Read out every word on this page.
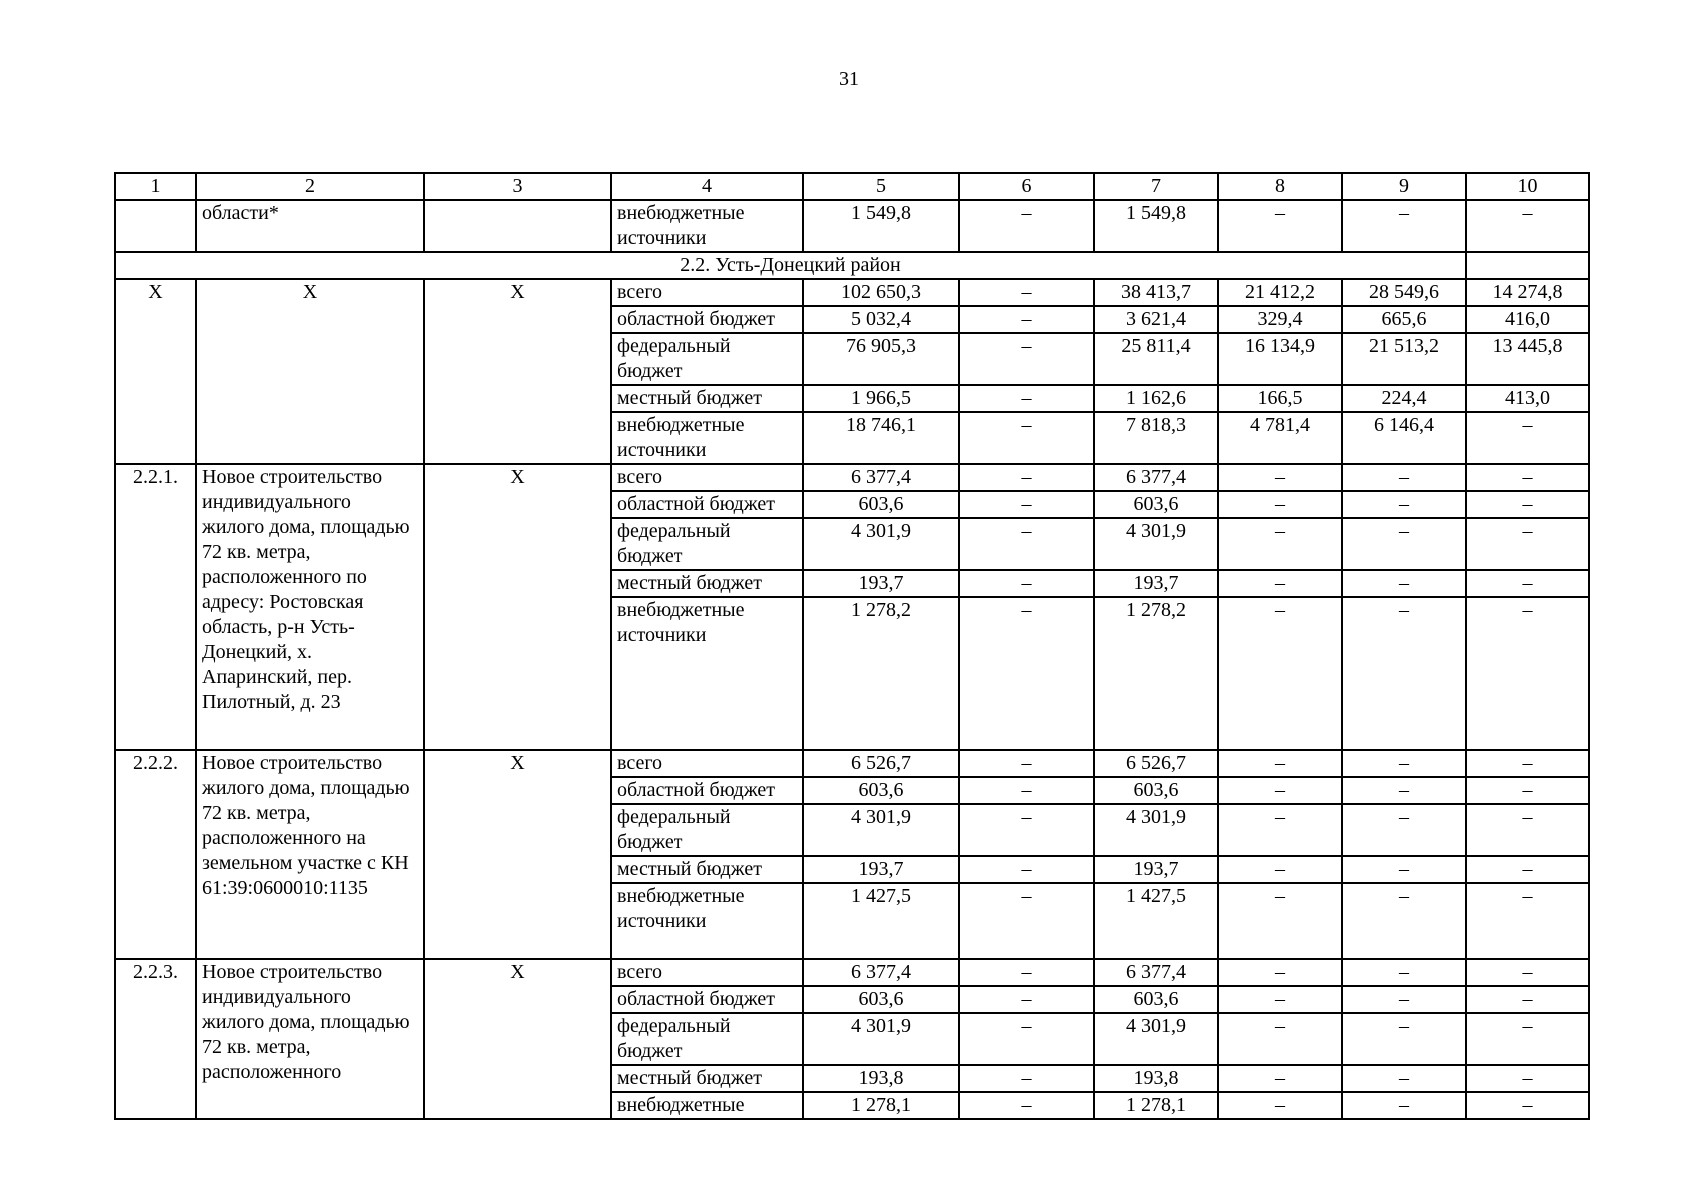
31
1	2	3	4	5	6	7	8	9	10
	области*		внебюджетные источники	1 549,8	–	1 549,8	–	–	–
2.2. Усть-Донецкий район									
Х	Х	Х	всего	102 650,3	–	38 413,7	21 412,2	28 549,6	14 274,8
			областной бюджет	5 032,4	–	3 621,4	329,4	665,6	416,0
			федеральный бюджет	76 905,3	–	25 811,4	16 134,9	21 513,2	13 445,8
			местный бюджет	1 966,5	–	1 162,6	166,5	224,4	413,0
			внебюджетные источники	18 746,1	–	7 818,3	4 781,4	6 146,4	–
2.2.1.	Новое строительство индивидуального жилого дома, площадью 72 кв. метра, расположенного по адресу: Ростовская область, р-н Усть-Донецкий, х. Апаринский, пер. Пилотный, д. 23	Х	всего	6 377,4	–	6 377,4	–	–	–
			областной бюджет	603,6	–	603,6	–	–	–
			федеральный бюджет	4 301,9	–	4 301,9	–	–	–
			местный бюджет	193,7	–	193,7	–	–	–
			внебюджетные источники	1 278,2	–	1 278,2	–	–	–
2.2.2.	Новое строительство жилого дома, площадью 72 кв. метра, расположенного на земельном участке с КН 61:39:0600010:1135	Х	всего	6 526,7	–	6 526,7	–	–	–
			областной бюджет	603,6	–	603,6	–	–	–
			федеральный бюджет	4 301,9	–	4 301,9	–	–	–
			местный бюджет	193,7	–	193,7	–	–	–
			внебюджетные источники	1 427,5	–	1 427,5	–	–	–
2.2.3.	Новое строительство индивидуального жилого дома, площадью 72 кв. метра, расположенного	Х	всего	6 377,4	–	6 377,4	–	–	–
			областной бюджет	603,6	–	603,6	–	–	–
			федеральный бюджет	4 301,9	–	4 301,9	–	–	–
			местный бюджет	193,8	–	193,8	–	–	–
			внебюджетные	1 278,1	–	1 278,1	–	–	–
